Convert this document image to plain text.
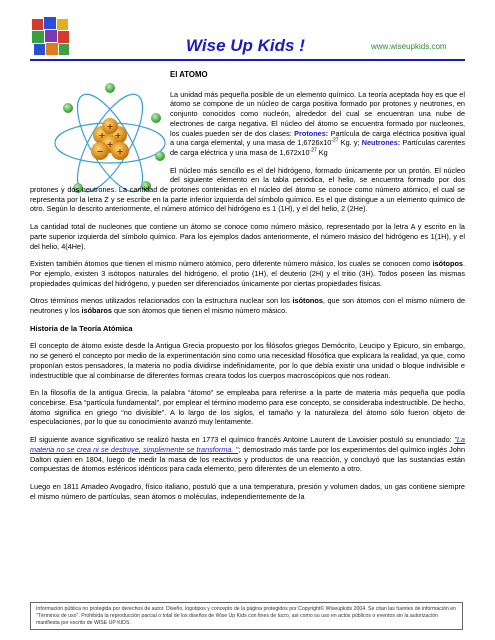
Wise Up Kids !	www.wiseupkids.com
+ +
+
− +
+
El ATOMO

La unidad más pequeña posible de un elemento químico. La teoría aceptada hoy es que el átomo se compone de un núcleo de carga positiva formado por protones y neutrones, en conjunto conocidos como nucleón, alrededor del cual se encuentran una nube de electrones de carga negativa. El núcleo del átomo se encuentra formado por nucleones, los cuales pueden ser de dos clases: Protones: Partícula de carga eléctrica positiva igual a una carga elemental, y una masa de $1,6726x10^{-27}$ Kg. y; Neutrones: Partículas carentes de carga eléctrica y una masa de $1,672x10^{-27}$ Kg

El núcleo más sencillo es el del hidrógeno, formado únicamente por un protón. El núcleo del siguiente elemento en la tabla periódica, el helio, se encuentra formado por dos protones y dos neutrones. La cantidad de protones contenidas en el núcleo del átomo se conoce como número atómico, el cual se representa por la letra Z y se escribe en la parte inferior izquierda del símbolo químico. Es el que distingue a un elemento químico de otro. Según lo descrito anteriormente, el número atómico del hidrógeno es 1 (1H), y el del helio, 2 (2He).

La cantidad total de nucleones que contiene un átomo se conoce como número másico, representado por la letra A y escrito en la parte superior izquierda del símbolo químico. Para los ejemplos dados anteriormente, el número másico del hidrógeno es 1(1H), y el del helio, 4(4He).

Existen también átomos que tienen el mismo número atómico, pero diferente número másico, los cuales se conocen como isótopos. Por ejemplo, existen 3 isótopos naturales del hidrógeno, el protio (1H), el deuterio (2H) y el tritio (3H). Todos poseen las mismas propiedades químicas del hidrógeno, y pueden ser diferenciados únicamente por ciertas propiedades físicas.

Otros términos menos utilizados relacionados con la estructura nuclear son los isótonos, que son átomos con el mismo número de neutrones y los isóbaros que son átomos que tienen el mismo número másico.

Historia de la Teoría Atómica

El concepto de átomo existe desde la Antigua Grecia propuesto por los filósofos griegos Demócrito, Leucipo y Epicuro, sin embargo, no se generó el concepto por medio de la experimentación sino como una necesidad filosófica que explicara la realidad, ya que, como proponían estos pensadores, la materia no podía dividirse indefinidamente, por lo que debía existir una unidad o bloque indivisible e indestructible que al combinarse de diferentes formas creara todos los cuerpos macroscópicos que nos rodean.

En la filosofía de la antigua Grecia, la palabra “átomo” se empleaba para referirse a la parte de materia más pequeña que podía concebirse. Esa “partícula fundamental”, por emplear el término moderno para ese concepto, se consideraba indestructible. De hecho, átomo significa en griego “no divisible”. A lo largo de los siglos, el tamaño y la naturaleza del átomo sólo fueron objeto de especulaciones, por lo que su conocimiento avanzó muy lentamente.

El siguiente avance significativo se realizó hasta en 1773 el químico francés Antoine Laurent de Lavoisier postuló su enunciado: "La materia no se crea ni se destruye, simplemente se transforma. "; demostrado más tarde por los experimentos del químico inglés John Dalton quien en 1804, luego de medir la masa de los reactivos y productos de una reacción, y concluyó que las sustancias están compuestas de átomos esféricos idénticos para cada elemento, pero diferentes de un elemento a otro.

Luego en 1811 Amadeo Avogadro, físico italiano, postuló que a una temperatura, presión y volumen dados, un gas contiene siempre el mismo número de partículas, sean átomos o moléculas, independientemente de la

Información pública no protegida por derechos de autor. Diseño, logotipos y concepto de la página protegidos por Copyright© Wiseupkids 2004. Se citan las fuentes de información en "Términos de uso". Prohibida la reproducción parcial o total de los diseños de Wise Up Kids con fines de lucro, así como su uso en actos públicos o eventos sin la autorización manifiesta por escrito de WISE UP KIDS.
